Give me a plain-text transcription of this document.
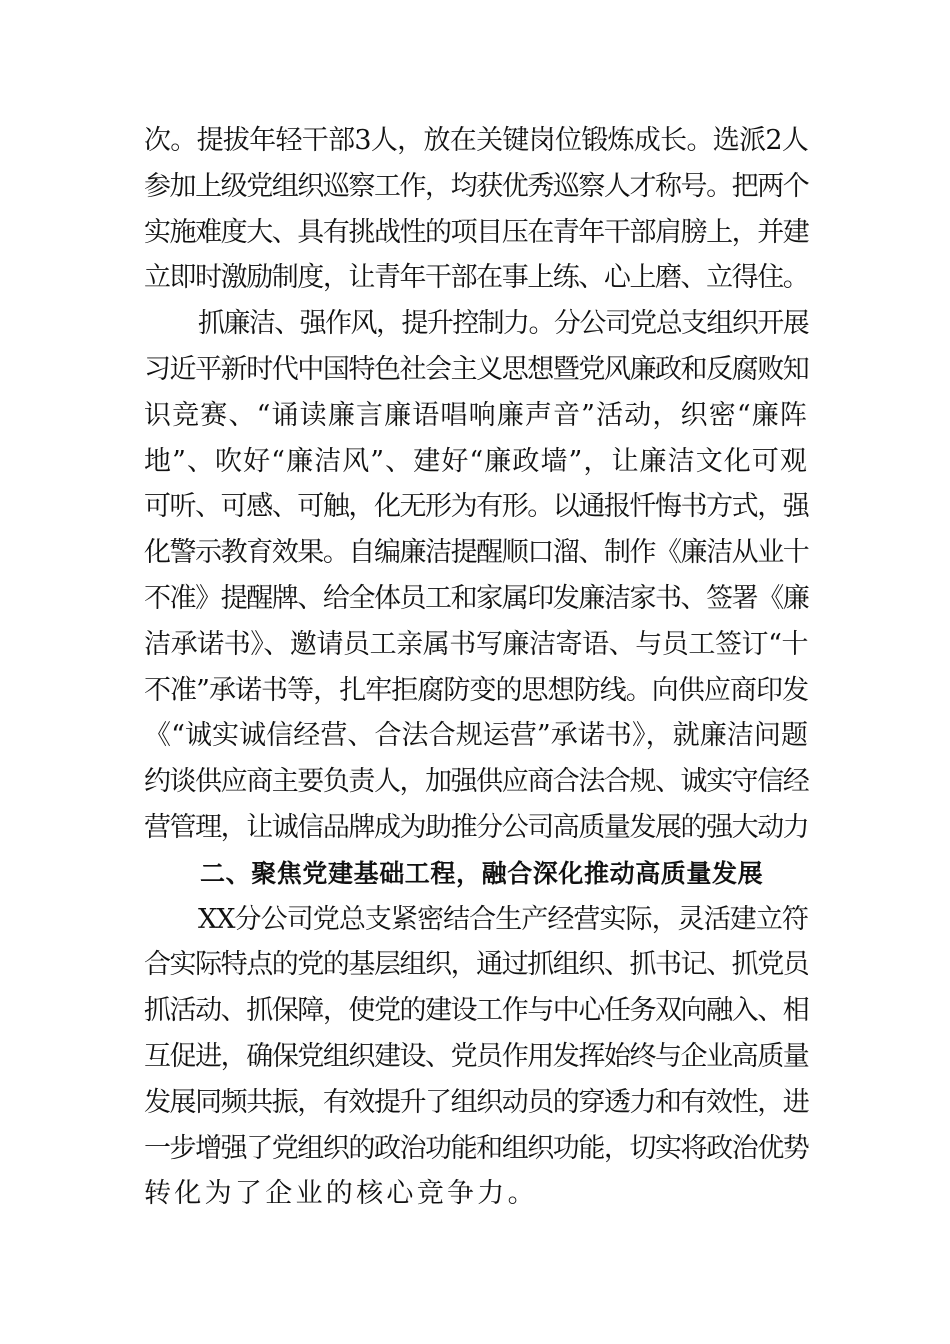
次。提拔年轻干部3人，放在关键岗位锻炼成长。选派2人
参加上级党组织巡察工作，均获优秀巡察人才称号。把两个
实施难度大、具有挑战性的项目压在青年干部肩膀上，并建
立即时激励制度，让青年干部在事上练、心上磨、立得住。
抓廉洁、强作风，提升控制力。分公司党总支组织开展
习近平新时代中国特色社会主义思想暨党风廉政和反腐败知
识竞赛、“诵读廉言廉语唱响廉声音”活动，织密“廉阵
地”、吹好“廉洁风”、建好“廉政墙”，让廉洁文化可观
可听、可感、可触，化无形为有形。以通报忏悔书方式，强
化警示教育效果。自编廉洁提醒顺口溜、制作《廉洁从业十
不准》提醒牌、给全体员工和家属印发廉洁家书、签署《廉
洁承诺书》、邀请员工亲属书写廉洁寄语、与员工签订“十
不准”承诺书等，扎牢拒腐防变的思想防线。向供应商印发
《“诚实诚信经营、合法合规运营”承诺书》，就廉洁问题
约谈供应商主要负责人，加强供应商合法合规、诚实守信经
营管理，让诚信品牌成为助推分公司高质量发展的强大动力
二、聚焦党建基础工程，融合深化推动高质量发展
XX分公司党总支紧密结合生产经营实际，灵活建立符
合实际特点的党的基层组织，通过抓组织、抓书记、抓党员
抓活动、抓保障，使党的建设工作与中心任务双向融入、相
互促进，确保党组织建设、党员作用发挥始终与企业高质量
发展同频共振，有效提升了组织动员的穿透力和有效性，进
一步增强了党组织的政治功能和组织功能，切实将政治优势
转化为了企业的核心竞争力。
